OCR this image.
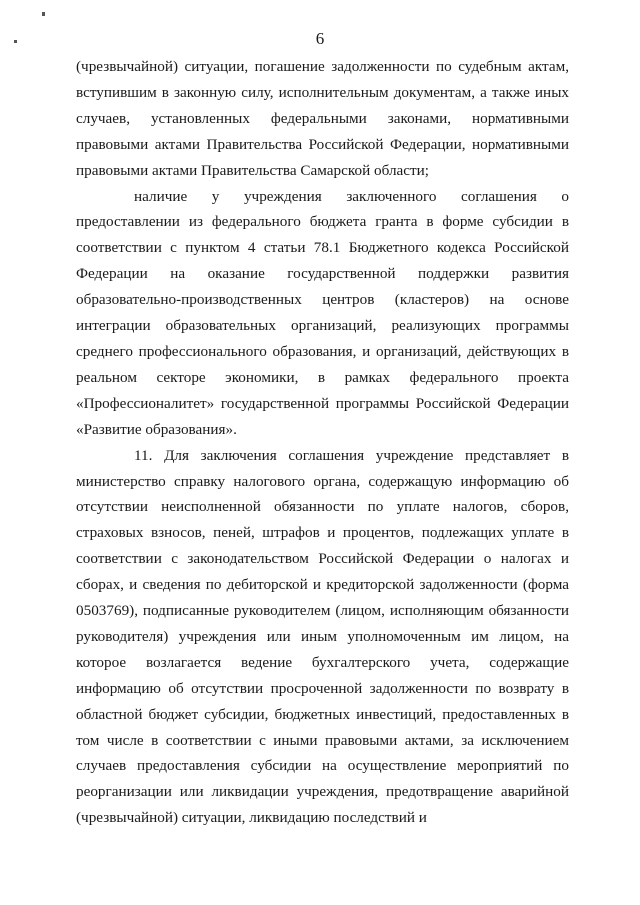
6

(чрезвычайной) ситуации, погашение задолженности по судебным актам, вступившим в законную силу, исполнительным документам, а также иных случаев, установленных федеральными законами, нормативными правовыми актами Правительства Российской Федерации, нормативными правовыми актами Правительства Самарской области;

наличие у учреждения заключенного соглашения о предоставлении из федерального бюджета гранта в форме субсидии в соответствии с пунктом 4 статьи 78.1 Бюджетного кодекса Российской Федерации на оказание государственной поддержки развития образовательно-производственных центров (кластеров) на основе интеграции образовательных организаций, реализующих программы среднего профессионального образования, и организаций, действующих в реальном секторе экономики, в рамках федерального проекта «Профессионалитет» государственной программы Российской Федерации «Развитие образования».

11. Для заключения соглашения учреждение представляет в министерство справку налогового органа, содержащую информацию об отсутствии неисполненной обязанности по уплате налогов, сборов, страховых взносов, пеней, штрафов и процентов, подлежащих уплате в соответствии с законодательством Российской Федерации о налогах и сборах, и сведения по дебиторской и кредиторской задолженности (форма 0503769), подписанные руководителем (лицом, исполняющим обязанности руководителя) учреждения или иным уполномоченным им лицом, на которое возлагается ведение бухгалтерского учета, содержащие информацию об отсутствии просроченной задолженности по возврату в областной бюджет субсидии, бюджетных инвестиций, предоставленных в том числе в соответствии с иными правовыми актами, за исключением случаев предоставления субсидии на осуществление мероприятий по реорганизации или ликвидации учреждения, предотвращение аварийной (чрезвычайной) ситуации, ликвидацию последствий и
